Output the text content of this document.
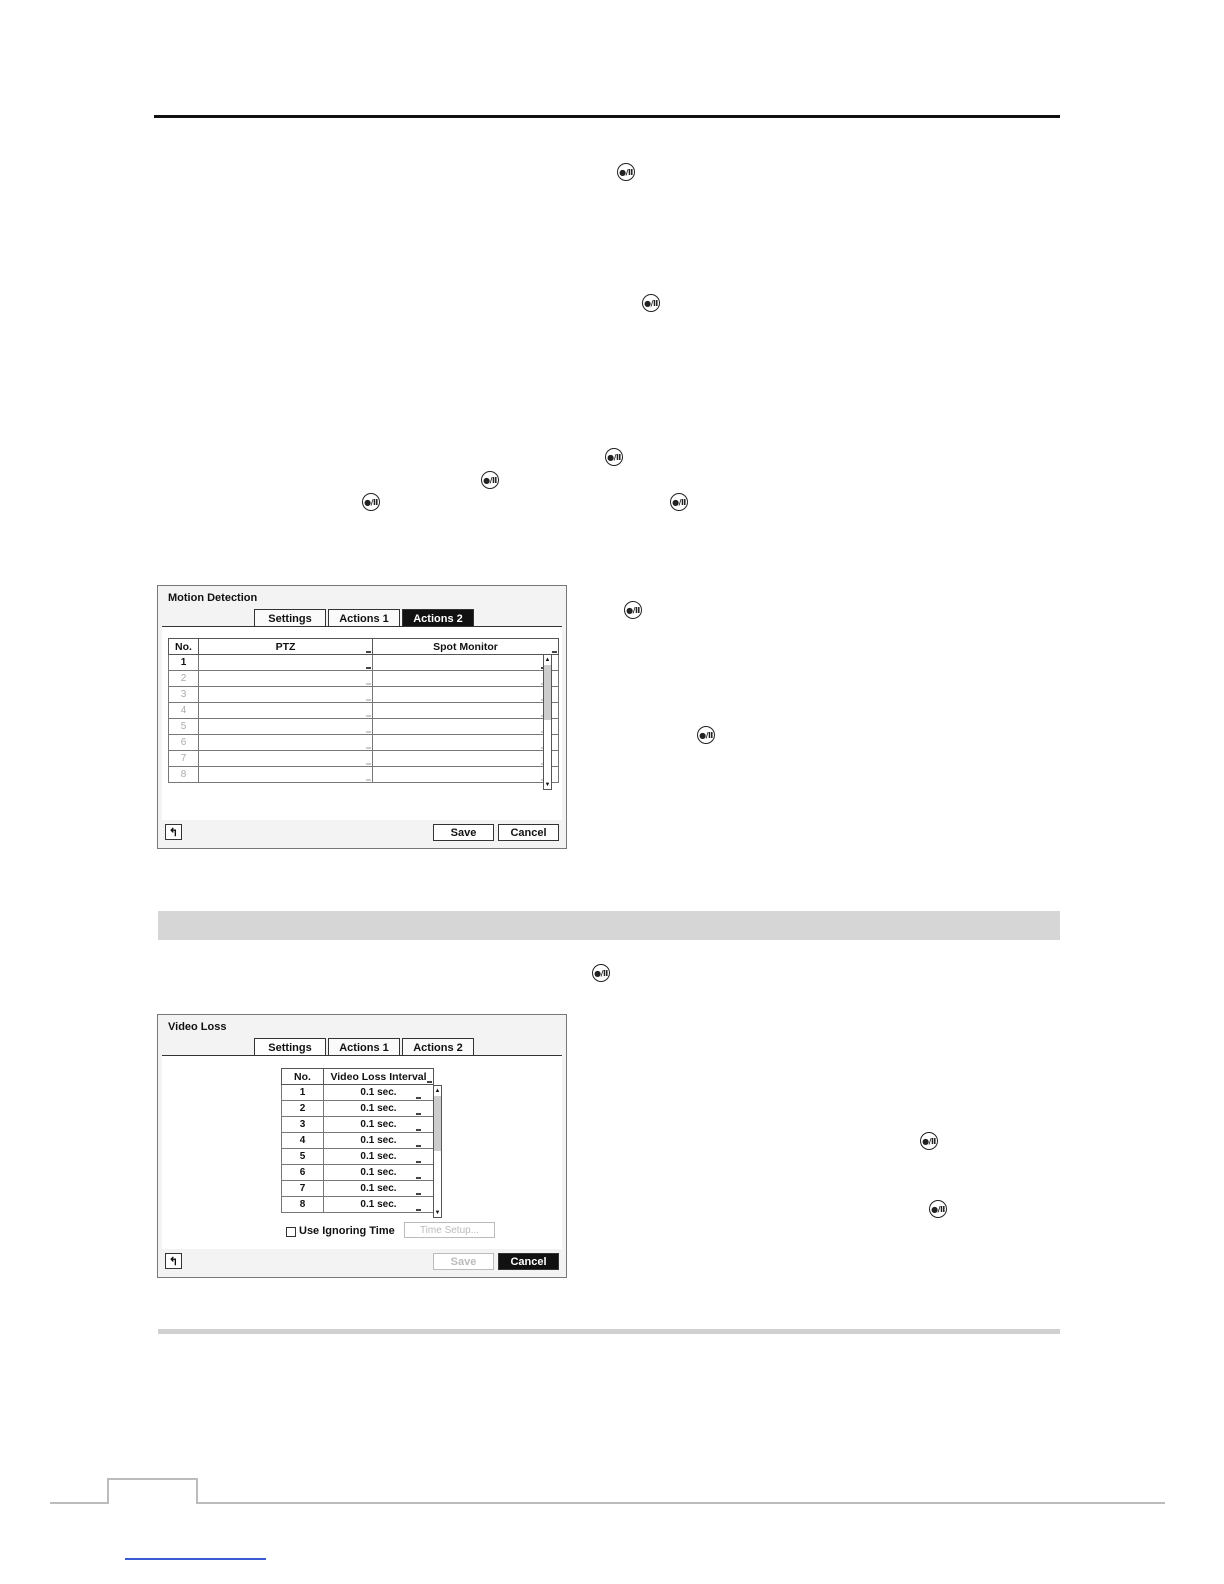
●/Ⅱ
●/Ⅱ
●/Ⅱ
●/Ⅱ
●/Ⅱ	●/Ⅱ
●/Ⅱ
●/Ⅱ
●/Ⅱ
●/Ⅱ
●/Ⅱ
Motion Detection
Settings	Actions 1	Actions 2
No.	PTZ	Spot Monitor

1	

2	

3	

4	

5	

6	

7	

8	

▲
▼
↰	Save	Cancel
Video Loss
Settings	Actions 1	Actions 2
No.	Video Loss Interval

1	0.1 sec.

2	0.1 sec.

3	0.1 sec.

4	0.1 sec.

5	0.1 sec.

6	0.1 sec.

7	0.1 sec.

8	0.1 sec.
▲
▼
Use Ignoring Time	Time Setup...
↰	Save	Cancel
